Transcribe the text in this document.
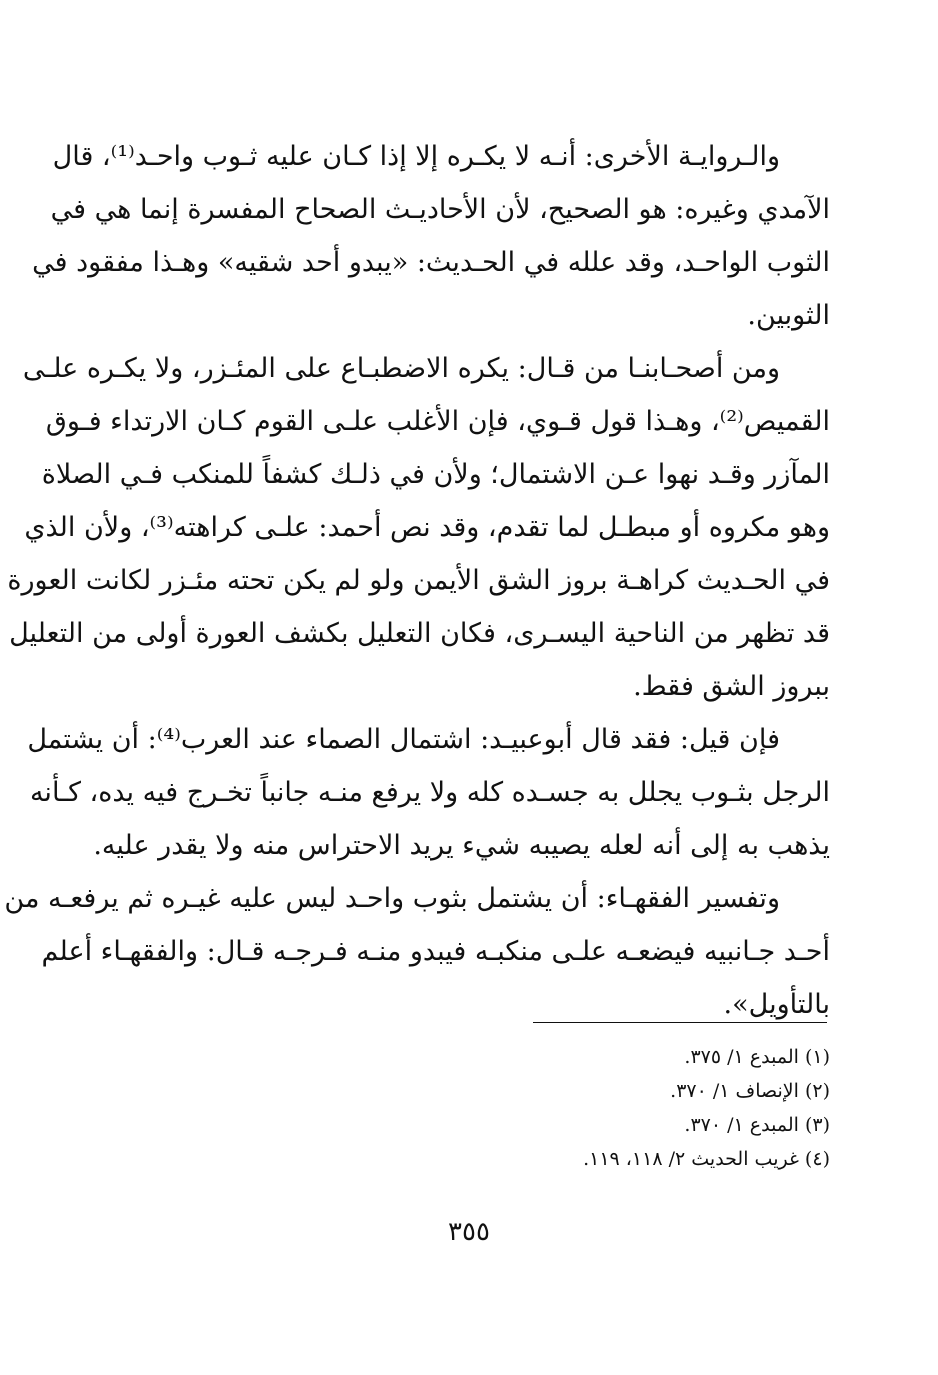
والـروايـة الأخرى: أنـه لا يكـره إلا إذا كـان عليه ثـوب واحـد⁽¹⁾، قال
الآمدي وغيره: هو الصحيح، لأن الأحاديـث الصحاح المفسرة إنما هي في
الثوب الواحـد، وقد علله في الحـديث: «يبدو أحد شقيه» وهـذا مفقود في
الثوبين.
ومن أصحـابنـا من قـال: يكره الاضطبـاع على المئـزر، ولا يكـره علـى
القميص⁽²⁾، وهـذا قول قـوي، فإن الأغلب علـى القوم كـان الارتداء فـوق
المآزر وقـد نهوا عـن الاشتمال؛ ولأن في ذلـك كشفاً للمنكب فـي الصلاة
وهو مكروه أو مبطـل لما تقدم، وقد نص أحمد: علـى كراهته⁽³⁾، ولأن الذي
في الحـديث كراهـة بروز الشق الأيمن ولو لم يكن تحته مئـزر لكانت العورة
قد تظهر من الناحية اليسـرى، فكان التعليل بكشف العورة أولى من التعليل
ببروز الشق فقط.
فإن قيل: فقد قال أبوعبيـد: اشتمال الصماء عند العرب⁽⁴⁾: أن يشتمل
الرجل بثـوب يجلل به جسـده كله ولا يرفع منـه جانباً تخـرج فيه يده، كـأنه
يذهب به إلى أنه لعله يصيبه شيء يريد الاحتراس منه ولا يقدر عليه.
وتفسير الفقهـاء: أن يشتمل بثوب واحـد ليس عليه غيـره ثم يرفعـه من
أحـد جـانبيه فيضعـه علـى منكبـه فيبدو منـه فـرجـه قـال: والفقهـاء أعلم
بالتأويل».
(١) المبدع ١/ ٣٧٥.
(٢) الإنصاف ١/ ٣٧٠.
(٣) المبدع ١/ ٣٧٠.
(٤) غريب الحديث ٢/ ١١٨، ١١٩.
٣٥٥
